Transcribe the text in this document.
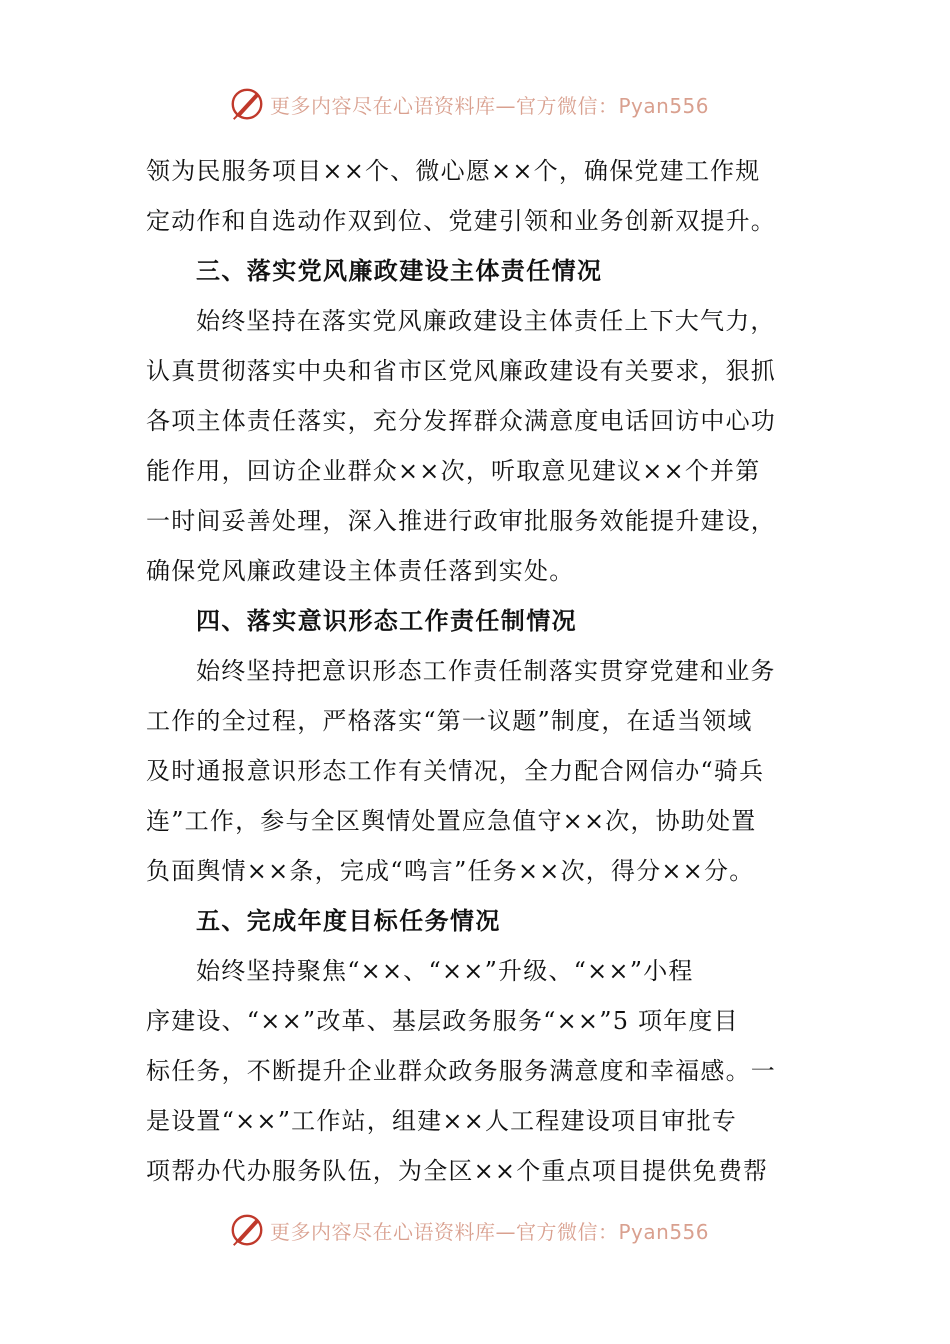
更多内容尽在心语资料库—官方微信：Pyan556
领为民服务项目××个、微心愿××个，确保党建工作规
定动作和自选动作双到位、党建引领和业务创新双提升。
三、落实党风廉政建设主体责任情况
始终坚持在落实党风廉政建设主体责任上下大气力，
认真贯彻落实中央和省市区党风廉政建设有关要求，狠抓
各项主体责任落实，充分发挥群众满意度电话回访中心功
能作用，回访企业群众××次，听取意见建议××个并第
一时间妥善处理，深入推进行政审批服务效能提升建设，
确保党风廉政建设主体责任落到实处。
四、落实意识形态工作责任制情况
始终坚持把意识形态工作责任制落实贯穿党建和业务
工作的全过程，严格落实“第一议题”制度，在适当领域
及时通报意识形态工作有关情况，全力配合网信办“骑兵
连”工作，参与全区舆情处置应急值守××次，协助处置
负面舆情××条，完成“鸣言”任务××次，得分××分。
五、完成年度目标任务情况
始终坚持聚焦“××、“××”升级、“××”小程
序建设、“××”改革、基层政务服务“××”5 项年度目
标任务，不断提升企业群众政务服务满意度和幸福感。一
是设置“××”工作站，组建××人工程建设项目审批专
项帮办代办服务队伍，为全区××个重点项目提供免费帮
更多内容尽在心语资料库—官方微信：Pyan556
